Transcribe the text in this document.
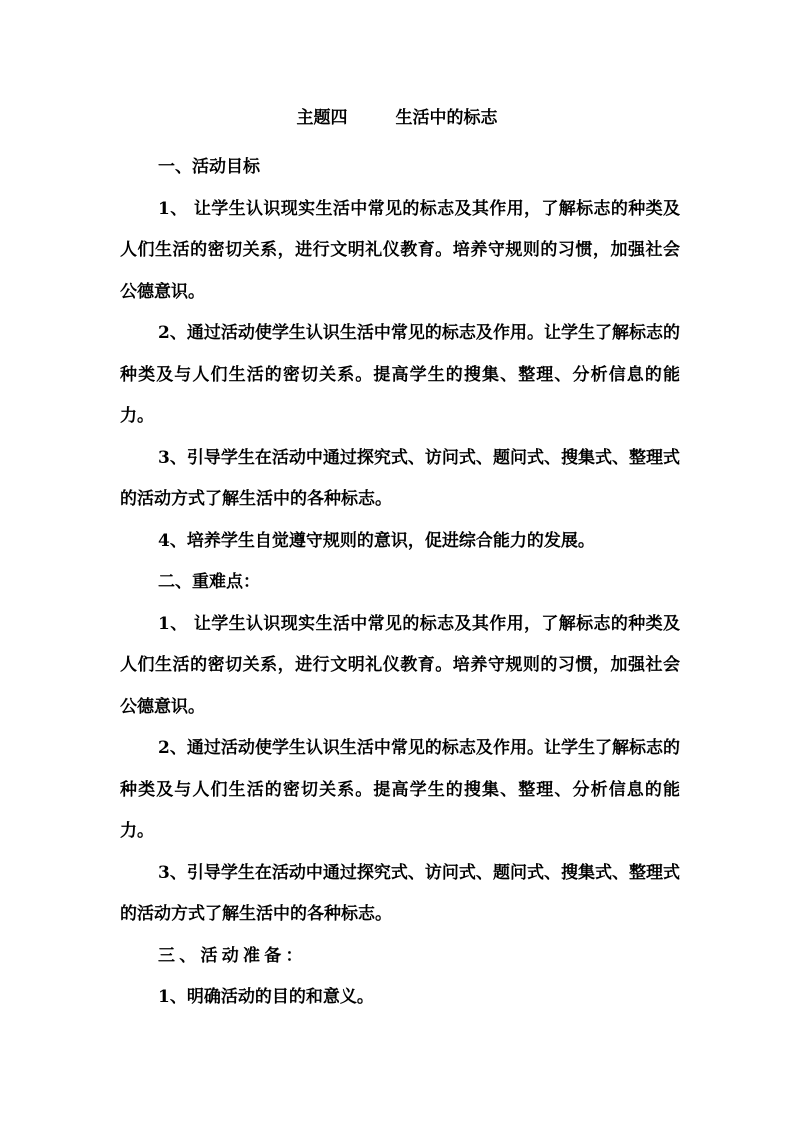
主题四	生活中的标志

一、活动目标

1、 让学生认识现实生活中常见的标志及其作用，了解标志的种类及人们生活的密切关系，进行文明礼仪教育。培养守规则的习惯，加强社会公德意识。

2、通过活动使学生认识生活中常见的标志及作用。让学生了解标志的种类及与人们生活的密切关系。提高学生的搜集、整理、分析信息的能力。

3、引导学生在活动中通过探究式、访问式、题问式、搜集式、整理式的活动方式了解生活中的各种标志。

4、培养学生自觉遵守规则的意识，促进综合能力的发展。

二、重难点：

1、 让学生认识现实生活中常见的标志及其作用，了解标志的种类及人们生活的密切关系，进行文明礼仪教育。培养守规则的习惯，加强社会公德意识。

2、通过活动使学生认识生活中常见的标志及作用。让学生了解标志的种类及与人们生活的密切关系。提高学生的搜集、整理、分析信息的能力。

3、引导学生在活动中通过探究式、访问式、题问式、搜集式、整理式的活动方式了解生活中的各种标志。

三、活动准备：

1、明确活动的目的和意义。
